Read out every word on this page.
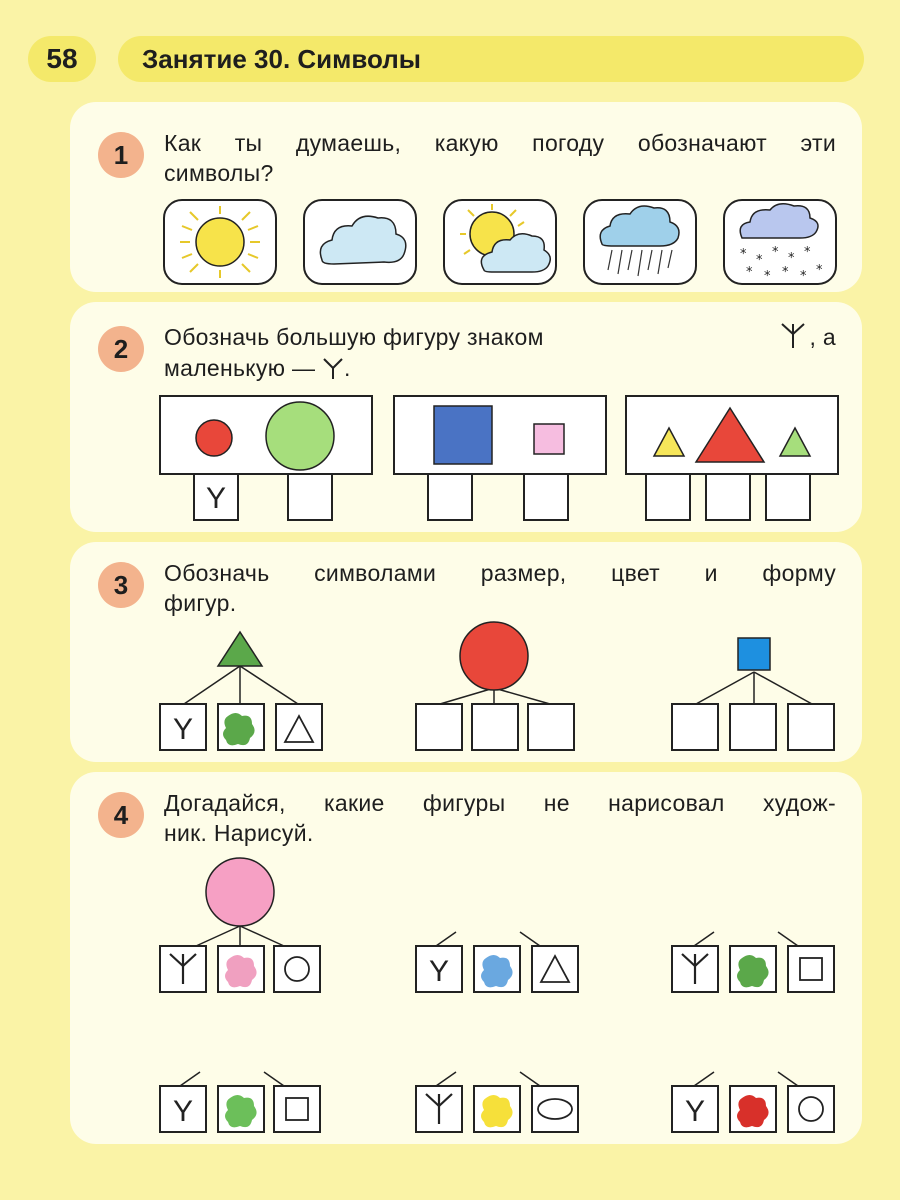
58	Занятие 30. Символы
1	Как ты думаешь, какую погоду обозначают эти
символы?
* *
* * *
* * * * *
2	Обозначь большую фигуру знаком	, а
маленькую — .
Y
3	Обозначь символами размер, цвет и форму
фигур.
Y
4	Догадайся, какие фигуры не нарисовал худож-
ник. Нарисуй.
Y
Y	Y
